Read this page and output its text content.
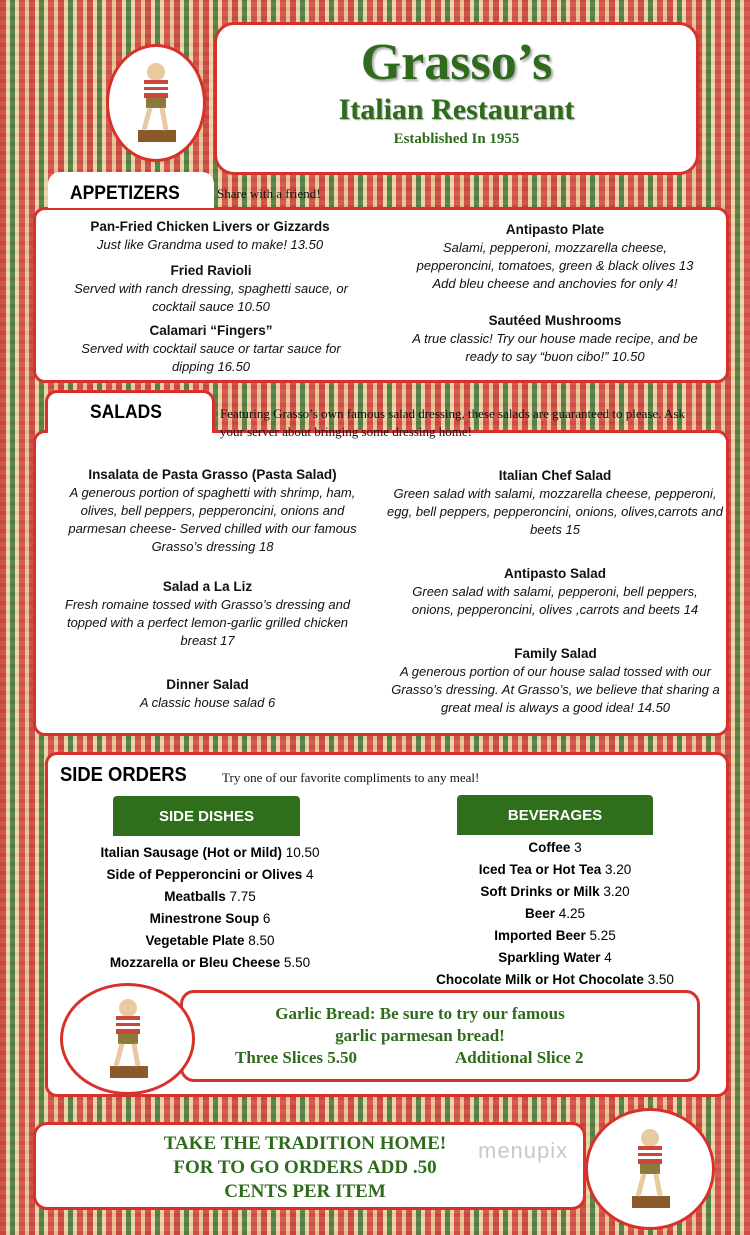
Grasso’s
Italian Restaurant
Established In 1955
APPETIZERS	Share with a friend!
Pan-Fried Chicken Livers or Gizzards
Just like Grandma used to make! 13.50
Fried Ravioli
Served with ranch dressing, spaghetti sauce, or cocktail sauce 10.50
Calamari “Fingers”
Served with cocktail sauce or tartar sauce for dipping 16.50
Antipasto Plate
Salami, pepperoni, mozzarella cheese, pepperoncini, tomatoes, green & black olives 13 Add bleu cheese and anchovies for only 4!
Sautéed Mushrooms
A true classic! Try our house made recipe, and be ready to say “buon cibo!” 10.50
SALADS	Featuring Grasso’s own famous salad dressing, these salads are guaranteed to please. Ask your server about bringing some dressing home!
Insalata de Pasta Grasso (Pasta Salad)
A generous portion of spaghetti with shrimp, ham, olives, bell peppers, pepperoncini, onions and parmesan cheese- Served chilled with our famous Grasso’s dressing 18
Salad a La Liz
Fresh romaine tossed with Grasso’s dressing and topped with a perfect lemon-garlic grilled chicken breast 17
Dinner Salad
A classic house salad 6
Italian Chef Salad
Green salad with salami, mozzarella cheese, pepperoni, egg, bell peppers, pepperoncini, onions, olives,carrots and beets 15
Antipasto Salad
Green salad with salami, pepperoni, bell peppers, onions, pepperoncini, olives ,carrots and beets 14
Family Salad
A generous portion of our house salad tossed with our Grasso’s dressing. At Grasso’s, we believe that sharing a great meal is always a good idea! 14.50
SIDE ORDERS	Try one of our favorite compliments to any meal!
SIDE DISHES	BEVERAGES
Italian Sausage (Hot or Mild) 10.50
Side of Pepperoncini or Olives 4
Meatballs 7.75
Minestrone Soup 6
Vegetable Plate 8.50
Mozzarella or Bleu Cheese 5.50
Coffee 3
Iced Tea or Hot Tea 3.20
Soft Drinks or Milk 3.20
Beer 4.25
Imported Beer 5.25
Sparkling Water 4
Chocolate Milk or Hot Chocolate 3.50
Garlic Bread: Be sure to try our famous
garlic parmesan bread!
Three Slices 5.50	Additional Slice 2
TAKE THE TRADITION HOME!
FOR TO GO ORDERS ADD .50
CENTS PER ITEM
menupix
